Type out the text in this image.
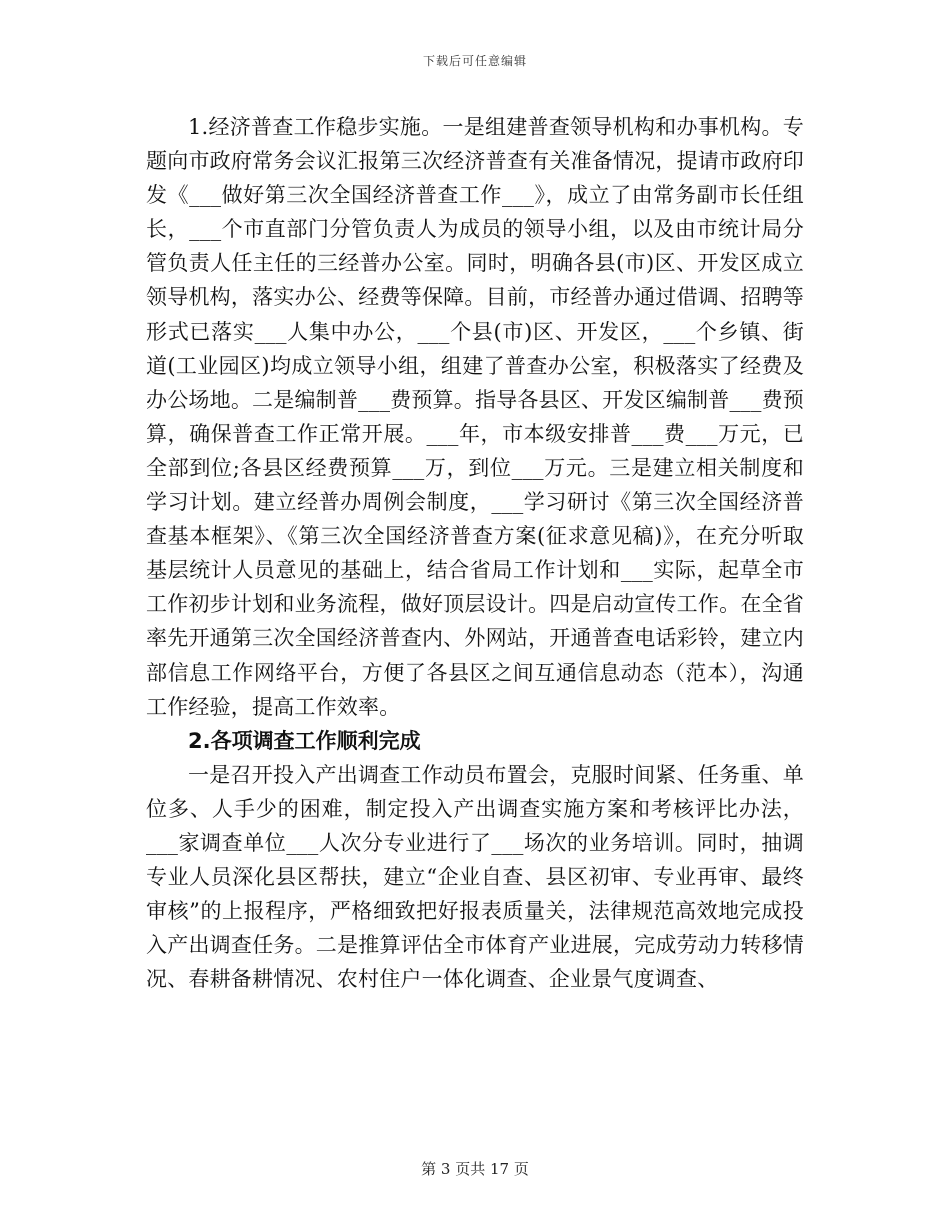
下载后可任意编辑

1.经济普查工作稳步实施。一是组建普查领导机构和办事机构。专题向市政府常务会议汇报第三次经济普查有关准备情况，提请市政府印发《___做好第三次全国经济普查工作___》，成立了由常务副市长任组长，___个市直部门分管负责人为成员的领导小组，以及由市统计局分管负责人任主任的三经普办公室。同时，明确各县(市)区、开发区成立领导机构，落实办公、经费等保障。目前，市经普办通过借调、招聘等形式已落实___人集中办公，___个县(市)区、开发区，___个乡镇、街道(工业园区)均成立领导小组，组建了普查办公室，积极落实了经费及办公场地。二是编制普___费预算。指导各县区、开发区编制普___费预算，确保普查工作正常开展。___年，市本级安排普___费___万元，已全部到位;各县区经费预算___万，到位___万元。三是建立相关制度和学习计划。建立经普办周例会制度，___学习研讨《第三次全国经济普查基本框架》、《第三次全国经济普查方案(征求意见稿)》，在充分听取基层统计人员意见的基础上，结合省局工作计划和___实际，起草全市工作初步计划和业务流程，做好顶层设计。四是启动宣传工作。在全省率先开通第三次全国经济普查内、外网站，开通普查电话彩铃，建立内部信息工作网络平台，方便了各县区之间互通信息动态（范本），沟通工作经验，提高工作效率。

2.各项调查工作顺利完成

一是召开投入产出调查工作动员布置会，克服时间紧、任务重、单位多、人手少的困难，制定投入产出调查实施方案和考核评比办法，___家调查单位___人次分专业进行了___场次的业务培训。同时，抽调专业人员深化县区帮扶，建立“企业自查、县区初审、专业再审、最终审核”的上报程序，严格细致把好报表质量关，法律规范高效地完成投入产出调查任务。二是推算评估全市体育产业进展，完成劳动力转移情况、春耕备耕情况、农村住户一体化调查、企业景气度调查、

第 3 页共 17 页
